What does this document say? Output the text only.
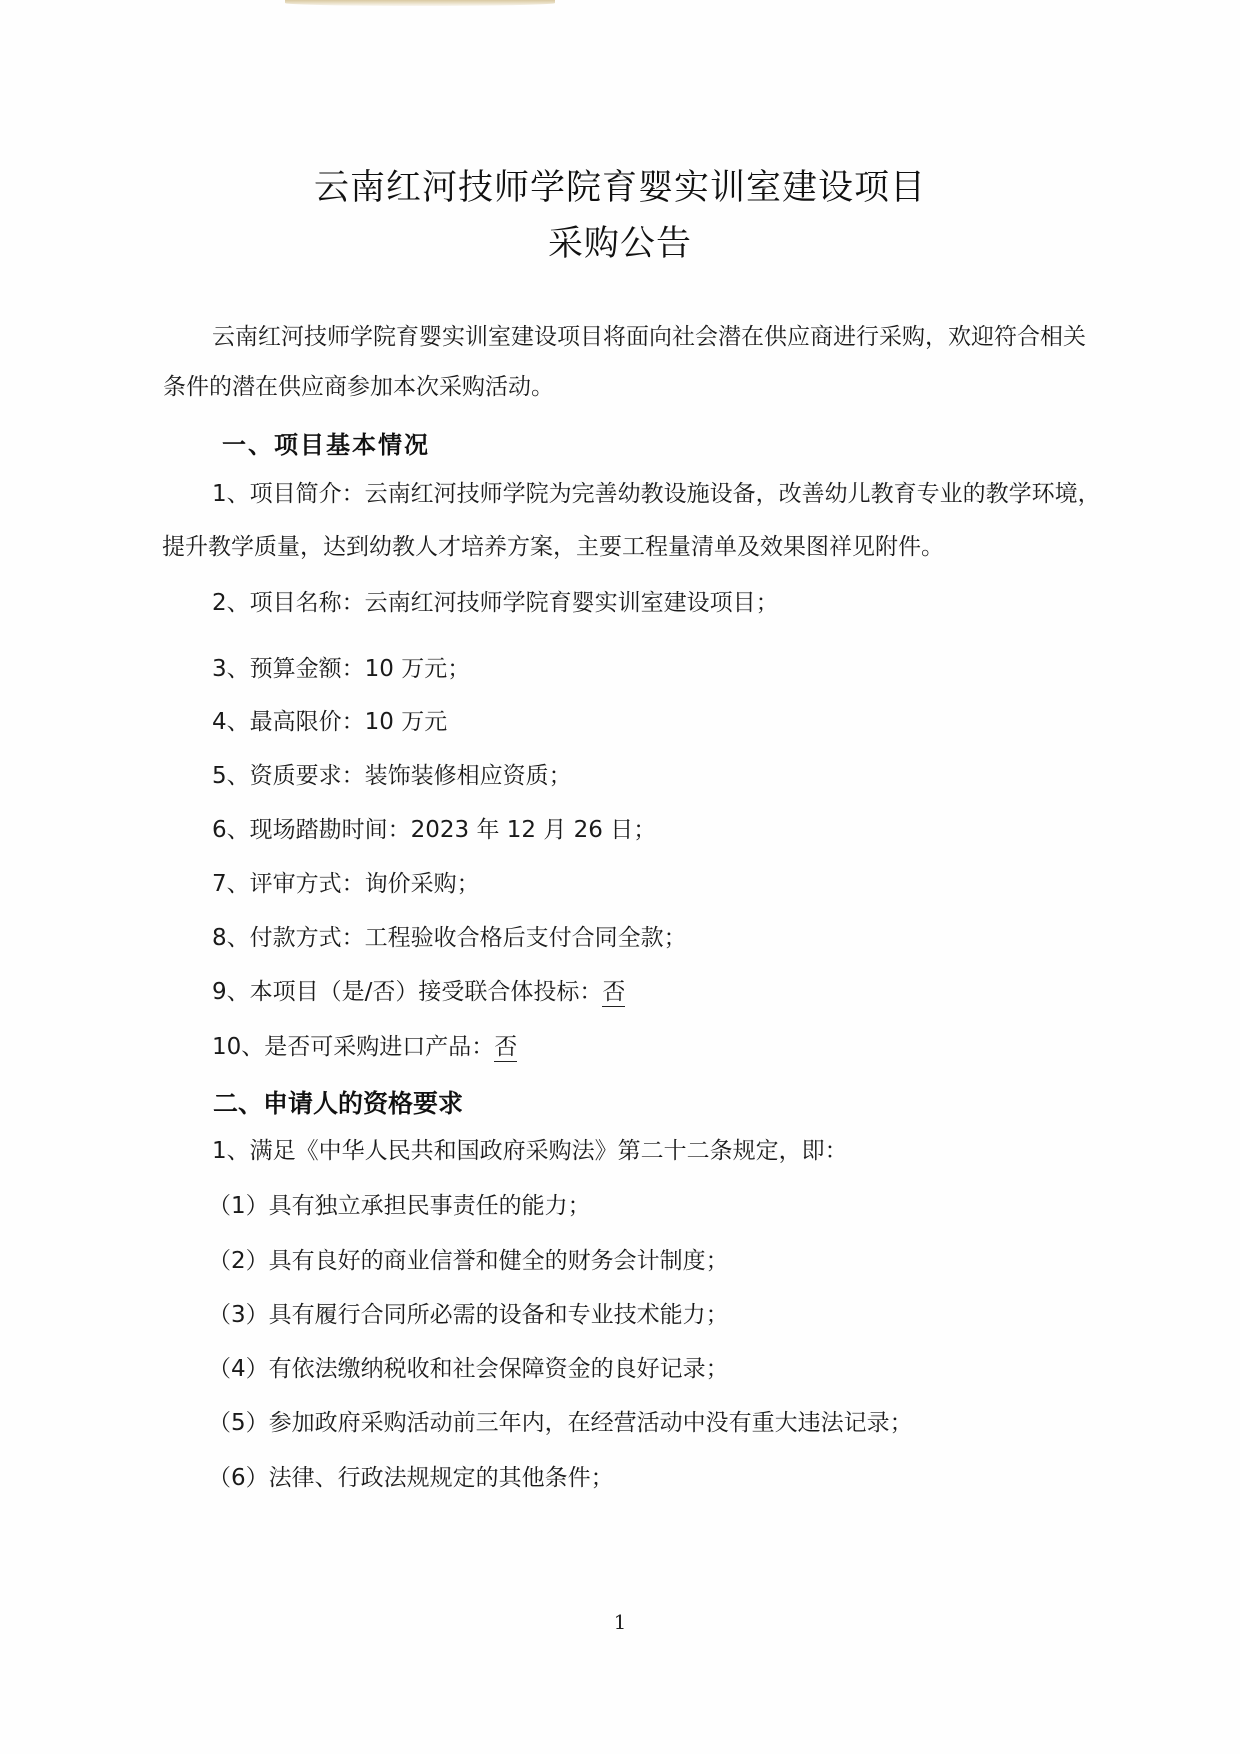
云南红河技师学院育婴实训室建设项目
采购公告
云南红河技师学院育婴实训室建设项目将面向社会潜在供应商进行采购，欢迎符合相关
条件的潜在供应商参加本次采购活动。
一、项目基本情况
1、项目简介：云南红河技师学院为完善幼教设施设备，改善幼儿教育专业的教学环境，
提升教学质量，达到幼教人才培养方案，主要工程量清单及效果图祥见附件。
2、项目名称：云南红河技师学院育婴实训室建设项目；
3、预算金额：10 万元；
4、最高限价：10 万元
5、资质要求：装饰装修相应资质；
6、现场踏勘时间：2023 年 12 月 26 日；
7、评审方式：询价采购；
8、付款方式：工程验收合格后支付合同全款；
9、本项目（是/否）接受联合体投标：否
10、是否可采购进口产品：否
二、申请人的资格要求
1、满足《中华人民共和国政府采购法》第二十二条规定，即：
（1）具有独立承担民事责任的能力；
（2）具有良好的商业信誉和健全的财务会计制度；
（3）具有履行合同所必需的设备和专业技术能力；
（4）有依法缴纳税收和社会保障资金的良好记录；
（5）参加政府采购活动前三年内，在经营活动中没有重大违法记录；
（6）法律、行政法规规定的其他条件；
1
